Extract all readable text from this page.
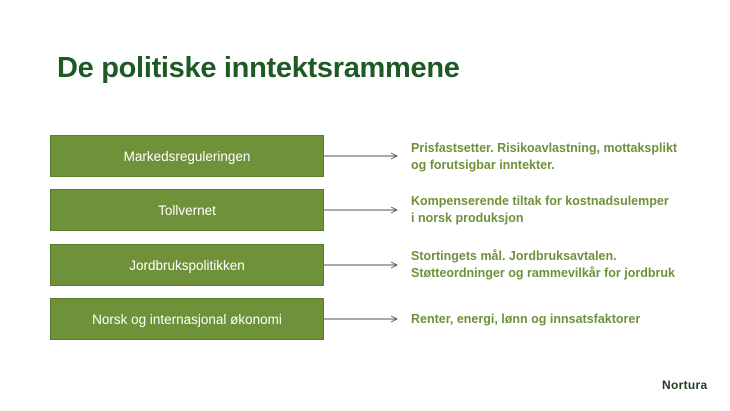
De politiske inntektsrammene
Markedsreguleringen
Prisfastsetter. Risikoavlastning, mottaksplikt
og forutsigbar inntekter.
Tollvernet
Kompenserende tiltak for kostnadsulemper
i norsk produksjon
Jordbrukspolitikken
Stortingets mål. Jordbruksavtalen.
Støtteordninger og rammevilkår for jordbruk
Norsk og internasjonal økonomi	Renter, energi, lønn og innsatsfaktorer
Nortura
